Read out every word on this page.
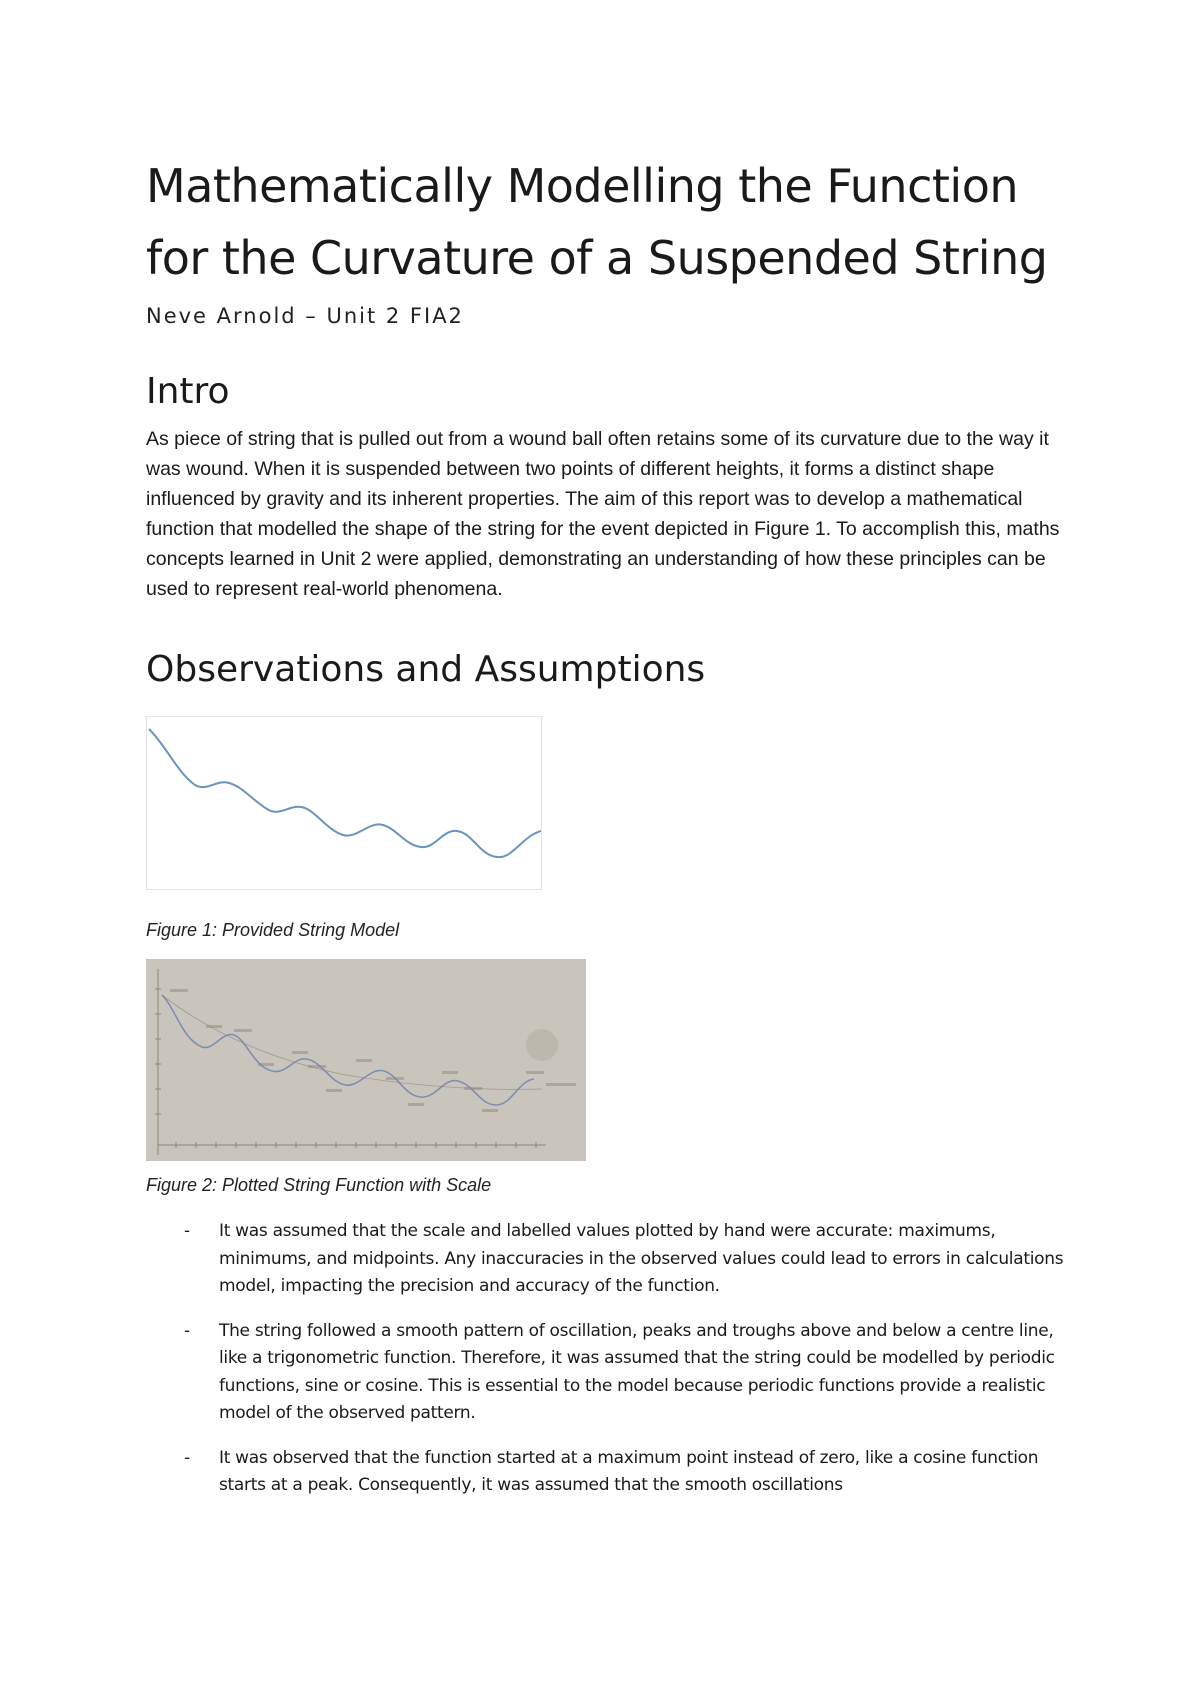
Mathematically Modelling the Function for the Curvature of a Suspended String
Neve Arnold – Unit 2 FIA2
Intro

As piece of string that is pulled out from a wound ball often retains some of its curvature due to the way it was wound. When it is suspended between two points of different heights, it forms a distinct shape influenced by gravity and its inherent properties. The aim of this report was to develop a mathematical function that modelled the shape of the string for the event depicted in Figure 1. To accomplish this, maths concepts learned in Unit 2 were applied, demonstrating an understanding of how these principles can be used to represent real-world phenomena.

Observations and Assumptions
Figure 1: Provided String Model
Figure 2: Plotted String Function with Scale
- It was assumed that the scale and labelled values plotted by hand were accurate: maximums, minimums, and midpoints. Any inaccuracies in the observed values could lead to errors in calculations model, impacting the precision and accuracy of the function.
- The string followed a smooth pattern of oscillation, peaks and troughs above and below a centre line, like a trigonometric function. Therefore, it was assumed that the string could be modelled by periodic functions, sine or cosine. This is essential to the model because periodic functions provide a realistic model of the observed pattern.
- It was observed that the function started at a maximum point instead of zero, like a cosine function starts at a peak. Consequently, it was assumed that the smooth oscillations
